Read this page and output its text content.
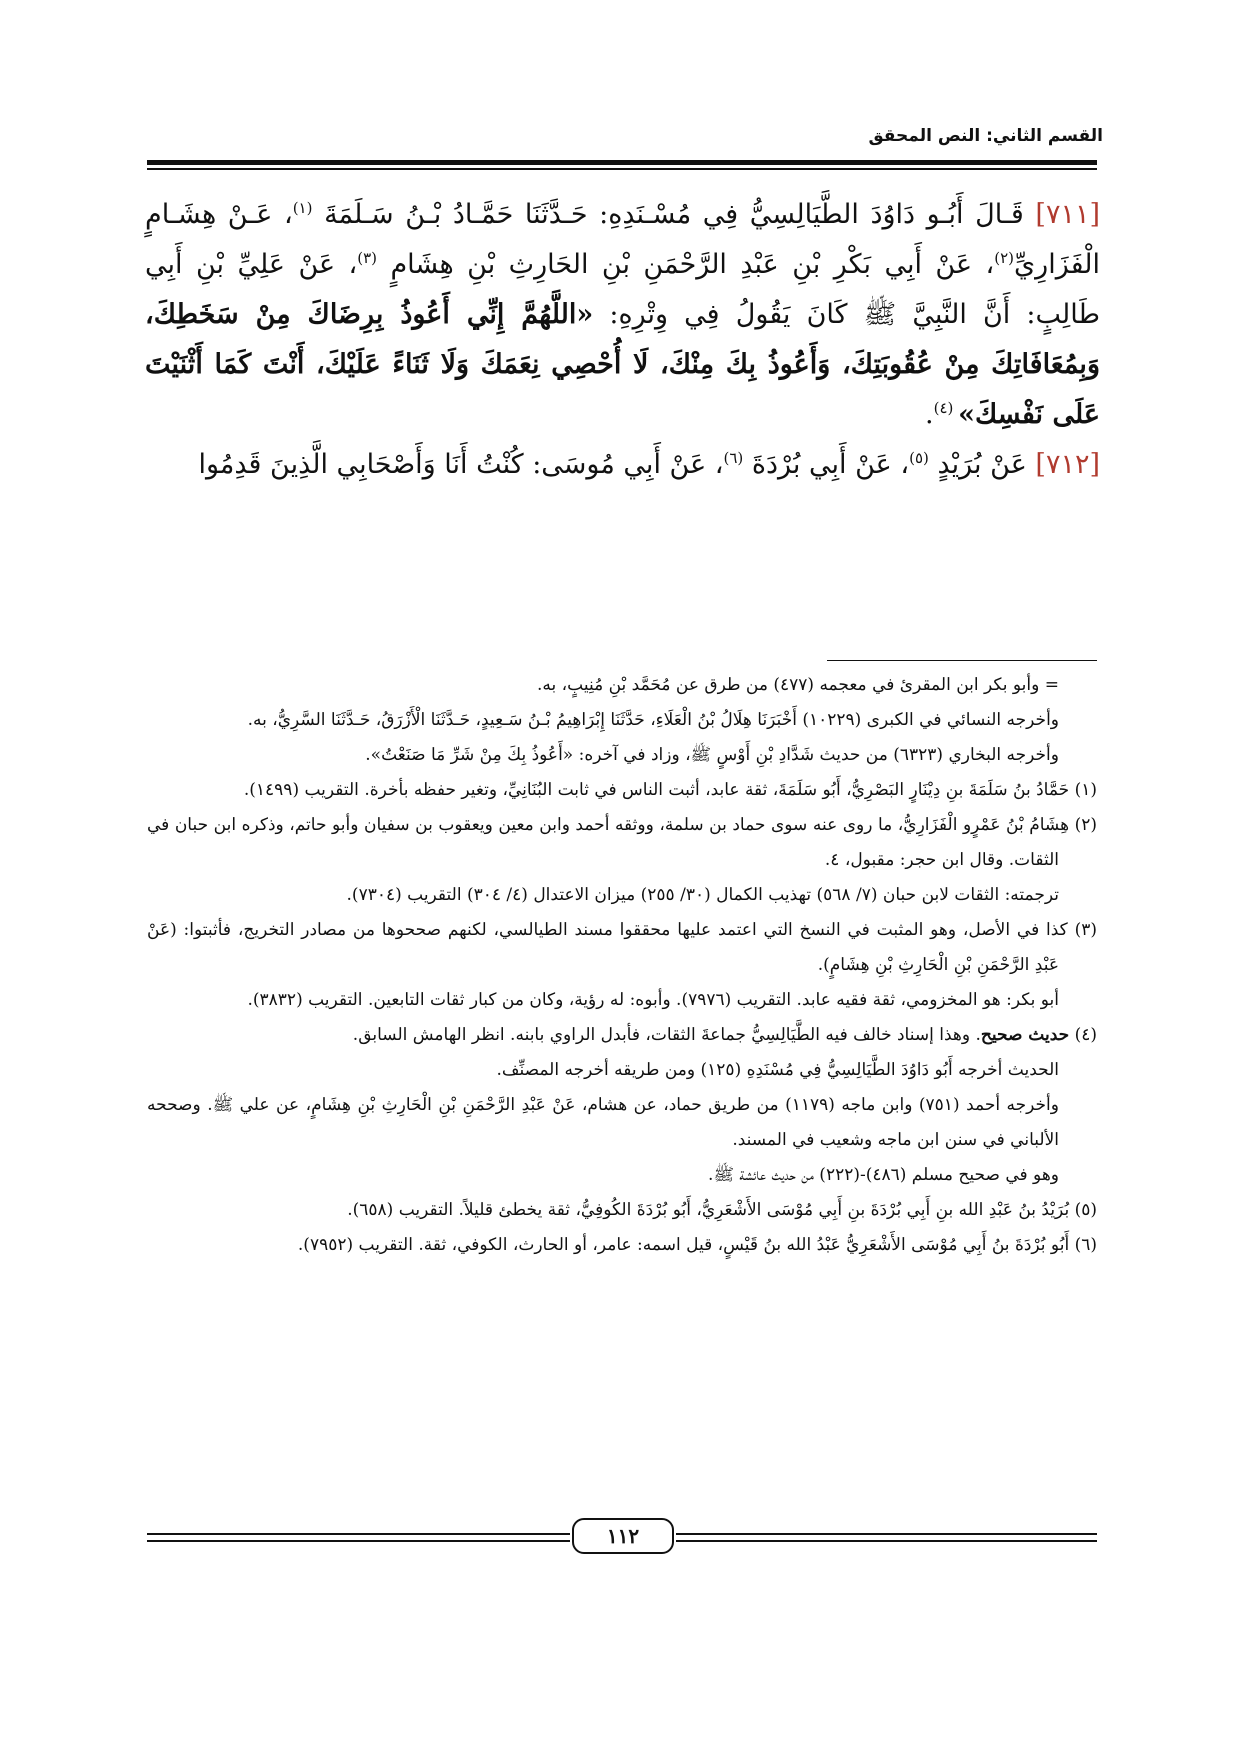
القسم الثاني: النص المحقق

[٧١١] قَـالَ أَبُـو دَاوُدَ الطَّيَالِسِيُّ فِي مُسْـنَدِهِ: حَـدَّثَنَا حَمَّـادُ بْـنُ سَـلَمَةَ $^{(١)}$، عَـنْ هِشَـامٍ الْفَزَارِيِّ$^{(٢)}$، عَنْ أَبِي بَكْرِ بْنِ عَبْدِ الرَّحْمَنِ بْنِ الحَارِثِ بْنِ هِشَامٍ $^{(٣)}$، عَنْ عَلِيِّ بْنِ أَبِي طَالِبٍ: أَنَّ النَّبِيَّ ﷺ كَانَ يَقُولُ فِي وِتْرِهِ: «اللَّهُمَّ إِنِّي أَعُوذُ بِرِضَاكَ مِنْ سَخَطِكَ، وَبِمُعَافَاتِكَ مِنْ عُقُوبَتِكَ، وَأَعُوذُ بِكَ مِنْكَ، لَا أُحْصِي نِعَمَكَ وَلَا ثَنَاءً عَلَيْكَ، أَنْتَ كَمَا أَثْنَيْتَ عَلَى نَفْسِكَ» $^{(٤)}$.

[٧١٢] عَنْ بُرَيْدٍ $^{(٥)}$، عَنْ أَبِي بُرْدَةَ $^{(٦)}$، عَنْ أَبِي مُوسَى: كُنْتُ أَنَا وَأَصْحَابِي الَّذِينَ قَدِمُوا

= وأبو بكر ابن المقرئ في معجمه (٤٧٧) من طرق عن مُحَمَّد بْنِ مُنِيبٍ، به.

وأخرجه النسائي في الكبرى (١٠٢٢٩) أَخْبَرَنَا هِلَالُ بْنُ الْعَلَاءِ، حَدَّثَنَا إِبْرَاهِيمُ بْـنُ سَـعِيدٍ، حَـدَّثَنَا الْأَزْرَقُ، حَـدَّثَنَا السَّرِيُّ، به.

وأخرجه البخاري (٦٣٢٣) من حديث شَدَّادِ بْنِ أَوْسٍ ﷺ، وزاد في آخره: «أَعُوذُ بِكَ مِنْ شَرِّ مَا صَنَعْتُ».

(١) حَمَّادُ بنُ سَلَمَةَ بنِ دِيْنَارٍ البَصْرِيُّ، أَبُو سَلَمَةَ، ثقة عابد، أثبت الناس في ثابت البُنَانِيِّ، وتغير حفظه بأخرة. التقريب (١٤٩٩).

(٢) هِشَامُ بْنُ عَمْرٍو الْفَزَارِيُّ، ما روى عنه سوى حماد بن سلمة، ووثقه أحمد وابن معين ويعقوب بن سفيان وأبو حاتم، وذكره ابن حبان في الثقات. وقال ابن حجر: مقبول، ٤.

ترجمته: الثقات لابن حبان (٧/ ٥٦٨) تهذيب الكمال (٣٠/ ٢٥٥) ميزان الاعتدال (٤/ ٣٠٤) التقريب (٧٣٠٤).

(٣) كذا في الأصل، وهو المثبت في النسخ التي اعتمد عليها محققوا مسند الطيالسي، لكنهم صححوها من مصادر التخريج، فأثبتوا: (عَنْ عَبْدِ الرَّحْمَنِ بْنِ الْحَارِثِ بْنِ هِشَامٍ).

أبو بكر: هو المخزومي، ثقة فقيه عابد. التقريب (٧٩٧٦). وأبوه: له رؤية، وكان من كبار ثقات التابعين. التقريب (٣٨٣٢).

(٤) حديث صحيح. وهذا إسناد خالف فيه الطَّيَالِسِيُّ جماعةَ الثقات، فأبدل الراوي بابنه. انظر الهامش السابق.

الحديث أخرجه أَبُو دَاوُدَ الطَّيَالِسِيُّ فِي مُسْنَدِهِ (١٢٥) ومن طريقه أخرجه المصنِّف.

وأخرجه أحمد (٧٥١) وابن ماجه (١١٧٩) من طريق حماد، عن هشام، عَنْ عَبْدِ الرَّحْمَنِ بْنِ الْحَارِثِ بْنِ هِشَامٍ، عن علي ﷺ. وصححه الألباني في سنن ابن ماجه وشعيب في المسند.

وهو في صحيح مسلم (٤٨٦)-(٢٢٢) من حديث عائشة ﷺ.

(٥) بُرَيْدُ بنُ عَبْدِ الله بنِ أَبِي بُرْدَةَ بنِ أَبِي مُوْسَى الأَشْعَرِيُّ، أَبُو بُرْدَةَ الكُوفِيُّ، ثقة يخطئ قليلاً. التقريب (٦٥٨).

(٦) أَبُو بُرْدَةَ بنُ أَبِي مُوْسَى الأَشْعَرِيُّ عَبْدُ الله بنُ قَيْسٍ، قيل اسمه: عامر، أو الحارث، الكوفي، ثقة. التقريب (٧٩٥٢).

١١٢
